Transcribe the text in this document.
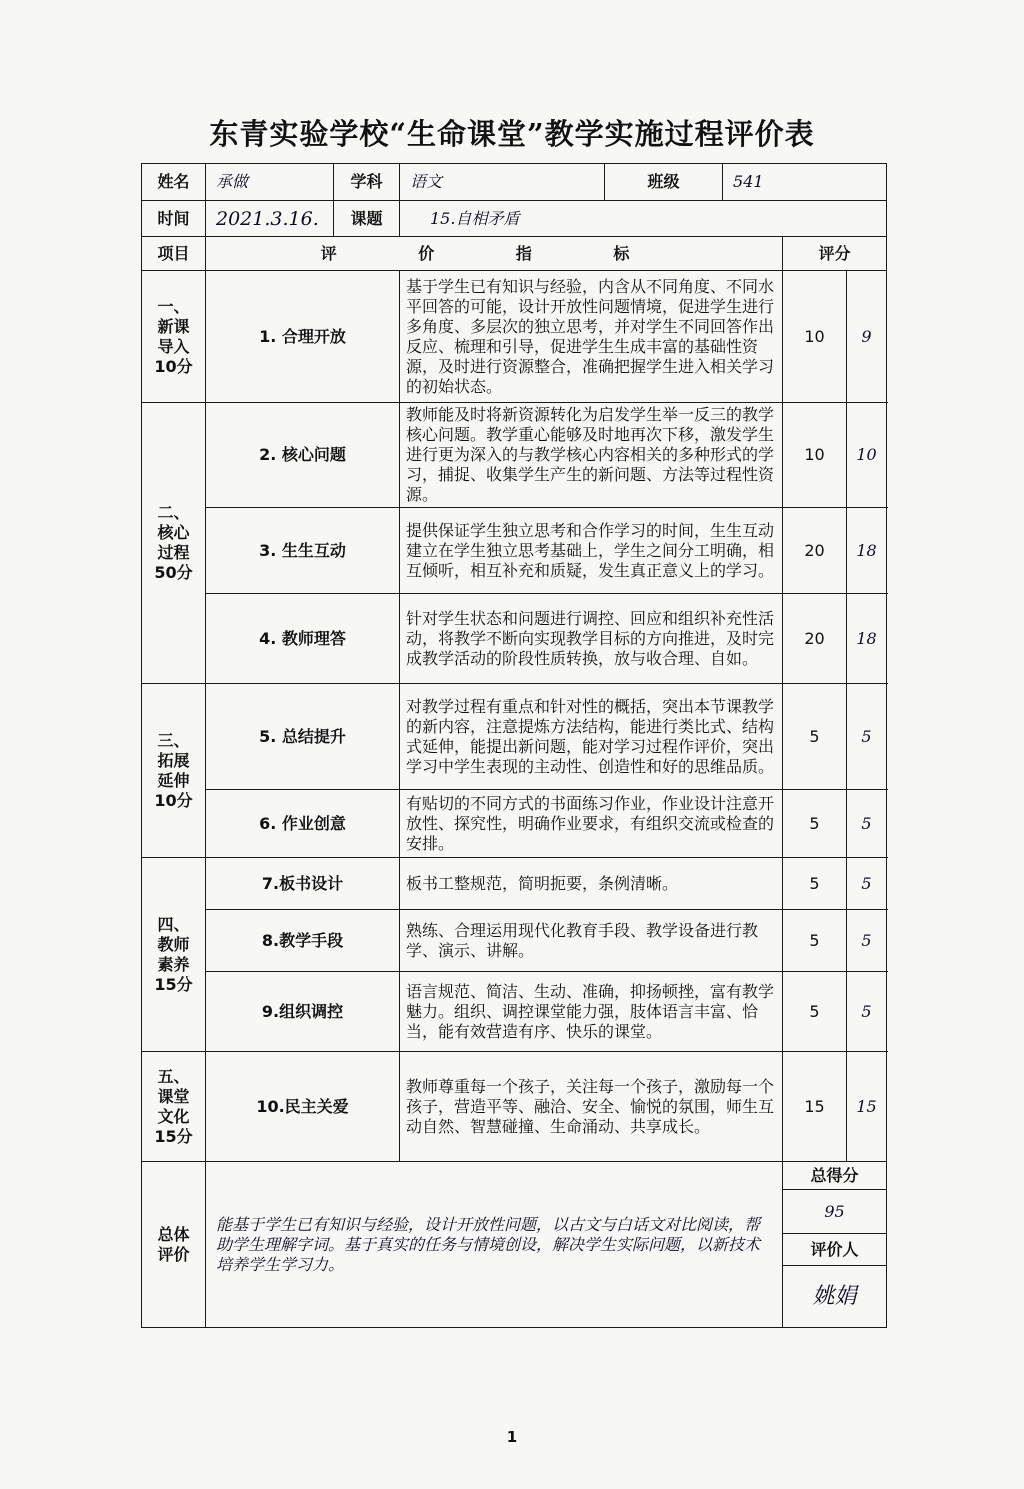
东青实验学校“生命课堂”教学实施过程评价表
姓名	承做	学科	语文	班级	541		
时间	2021.3.16.	课题	15.自相矛盾				
项目	评 价 指 标					评分	

一、
新课
导入
10分	1. 合理开放		基于学生已有知识与经验，内含从不同角度、不同水平回答的可能，设计开放性问题情境，促进学生进行多角度、多层次的独立思考，并对学生不同回答作出反应、梳理和引导，促进学生生成丰富的基础性资源，及时进行资源整合，准确把握学生进入相关学习的初始状态。			10	9

二、
核心
过程
50分	2. 核心问题		教师能及时将新资源转化为启发学生举一反三的教学核心问题。教学重心能够及时地再次下移，激发学生进行更为深入的与教学核心内容相关的多种形式的学习，捕捉、收集学生产生的新问题、方法等过程性资源。			10	10
	3. 生生互动		提供保证学生独立思考和合作学习的时间，生生互动建立在学生独立思考基础上，学生之间分工明确，相互倾听，相互补充和质疑，发生真正意义上的学习。			20	18
	4. 教师理答		针对学生状态和问题进行调控、回应和组织补充性活动，将教学不断向实现教学目标的方向推进，及时完成教学活动的阶段性质转换，放与收合理、自如。			20	18

三、
拓展
延伸
10分	5. 总结提升		对教学过程有重点和针对性的概括，突出本节课教学的新内容，注意提炼方法结构，能进行类比式、结构式延伸，能提出新问题，能对学习过程作评价，突出学习中学生表现的主动性、创造性和好的思维品质。			5	5
	6. 作业创意		有贴切的不同方式的书面练习作业，作业设计注意开放性、探究性，明确作业要求，有组织交流或检查的安排。			5	5

四、
教师
素养
15分	7.板书设计		板书工整规范，简明扼要，条例清晰。			5	5
	8.教学手段		熟练、合理运用现代化教育手段、教学设备进行教学、演示、讲解。			5	5
	9.组织调控		语言规范、简洁、生动、准确，抑扬顿挫，富有教学魅力。组织、调控课堂能力强，肢体语言丰富、恰当，能有效营造有序、快乐的课堂。			5	5

五、
课堂
文化
15分	10.民主关爱		教师尊重每一个孩子，关注每一个孩子，激励每一个孩子，营造平等、融洽、安全、愉悦的氛围，师生互动自然、智慧碰撞、生命涌动、共享成长。			15	15

总体
评价	能基于学生已有知识与经验，设计开放性问题，以古文与白话文对比阅读，帮助学生理解字词。基于真实的任务与情境创设，解决学生实际问题，以新技术培养学生学习力。					总得分	
						95	
						评价人	
						姚娟	
1
